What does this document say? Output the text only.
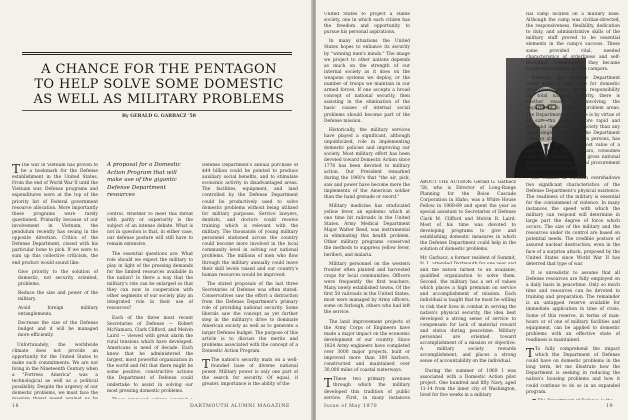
A CHANCE FOR THE PENTAGON
TO HELP SOLVE SOME DOMESTIC
AS WELL AS MILITARY PROBLEMS
By GERALD G. GARBACZ '58

T The war in Vietnam has proven to be a bookmark for the Defense establishment in the United States. From the end of World War II until the Vietnam war, Defense programs and expenditures were at the top of the priority list of Federal government resource allocation. More importantly these programs were rarely questioned. Primarily because of our involvement in Vietnam, the pendulum recently has swung in the opposite direction. Critics of the Defense Department, closed with his particular bone to pick. If we were to sum up this collective criticism, the end product would sound like:

Give priority to the solution of domestic, not security oriented, problems.

Reduce the size and power of the military.

Avoid foreign military entanglements.

Decrease the size of the Defense budget and it will be managed more efficiently.

Unfortunately, the worldwide climate does not provide an opportunity for the United States to make such commitments. We are not living in the Nineteenth Century when a "Fortress America" was a technological as well as a political possibility. Despite the urgency of our domestic problems, we must face the

A proposal for a Domestic Action Program that will make use of the gigantic Defense Department resources

control. Whether to meet this threat with parity or superiority is the subject of an intense debate. What is not in question is that, in either case, our defense posture will still have to remain extensive.

The essential questions are: What role should we expect the military to play in light of the pressing demands for the limited resources available in the nation? Is there a way that the military's role can be enlarged so that they can now in cooperation with other segments of our society play an integrated role in their use of resources?

Each of the three most recent Secretaries of Defense — Robert McNamara, Clark Clifford, and Melvin Laird — viewed with great alarm the rural tensions which have developed. Americans is need of decade. Each knew that he administered the largest, most powerful organization in the world and felt that there might be some positive, constructive actions the Department of Defense could undertake to assist in solving our most pressing domestic problems.

Defense Department's annual purchase of $44 billion could be pointed to produce auxiliary social benefits, and to stimulate economic activity in disadvantaged areas. The facilities, equipment, and land controlled by the Defense Department could be productively used to solve domestic problems without being utilized for military purposes. Service lawyers, dentists, and doctors could receive training which is relevant with the military. The thousands of young military personnel stationed across the country could become more involved in the local community level in solving our national problems. The millions of men who flow through the military annually could leave their skill levels raised and our country's human resources would be improved.

The stated proposals of the last three Secretaries of Defense was often stated. Conservatives saw the effort a distraction from the Defense Department's primary role of providing national security. Some liberals saw the concept as yet further step in the military's drive to dominate American society as well as to generate a larger Defense budget. The purpose of this article is to discuss the merits and problems associated with the concept of a Domestic Action Program.

T The nation's security mats on a well-founded base of diverse national power. Military power is only one part of the search for security. Of equal, if greater, importance is the ability of the

18	DARTMOUTH ALUMNI MAGAZINE

United States to project a stable society, one in which each citizen has the freedom and opportunity to pursue his personal aspirations.

In many situations the United States hopes to enhance its security by "winning men's minds." The image we project to other nations depends as much on the strength of our internal society as it does on the weapons systems we deploy, or the number of troops we maintain in our armed forces. If one accepts a broad concept of national security, then assisting in the elimination of the basic causes of internal social problems should become part of the Defense mission.

Historically, the military services have played a significant, although unpublicized, role in implementing domestic policies and improving our society. Most military effort has been devoted toward Domestic Action since 1776 has been devoted to military action. Our President remarked during the 1960's that "the air, pick, saw and power have become more the implements of the American soldier than the hand grenade or sword."

Military medicine has eradicated yellow fever, an epidemic which at one time hit railroads in the United States. Army Medical Department Major Walter Reed, was instrumental in eliminating this health problem. Other military programs conserved the methods to suppress yellow fever, beriberi, and malaria.

Military personnel on the western frontier often planted and harvested crops for local communities. Officers were frequently the first teachers. Many newly established towns. Of the first 50 railroads in the United States, most were managed by Army officers, some on furlough, others who had left the service.

The land improvement projects of the Army Corps of Engineers have made a major impact on the economic development of our country. Since 1824 Army engineers have completed over 3000 major projects, built or improved more than 300 harbors, constructed and maintained over 30,000 miles of coastal waterways.

T These two primary avenues through which the military developed this tradition of public service. First, in many instances

ABOUT THE AUTHOR: Gerald G. Garbacz '58, who is Director of Long-Range Planning for the Boise Cascade Corporation in Idaho, was a White House Fellow in 1968-69 and spent the year as special assistant to Secretaries of Defense Clark M. Clifford and Melvin R. Laird. Most of his time was devoted to developing programs to give and establishing domestic measures in which the Defense Department could help in the solution of domestic problems.

Mr. Garbacz, a former resident of Summit,

and the nation turned to an available, qualified organization to solve them. Second, the military has a set of values which places a high premium on service and accomplishment of mission. Each individual is taught that he must be willing to risk their lives in combat in serving the nation's physical security, the idea best developed a strong sense of service to compensate for lack of material reward and status during peacetime. Military personnel are oriented toward accomplishment of a mission or objective. A military society rewards accomplishment, and places a strong sense of accountability on the individual.

During the summer of 1969 I was associated with a Domestic Action pilot project. One hundred and fifty Navy, aged 11-14 from the inner city of Washington, lived for five weeks in a military

tial camp located on a military base. Although the camp was civilian-directed, the responsiveness, flexibility, dedication to duty, and administrative skills of the military staff proved to be essential elements in the camp's success. These same provided vital, needed characteristics of orderliness and self-discipline; consequently, they became respected examples for the campers.

Although the Defense Department could make a valid case for domestic involvement solely on its responsibility for total national security, there is another reason for involving the Department in domestic problem areas. The Department of Defense is by virtue of its size can make a more rapid and profound impact on our society than any other single institution. The Department employs almost five million persons, has assets with an original cost value of a quarter of a trillion dollars, consumes over eight percent of the gross national product, and has an annual procurement budget of over $40 billion.

The conflict in Vietnam overshadows two significant characteristics of the Defense Department's physical existence. The readiness of the military is essential for the containment of violence. In many instances the speed with which the military can respond will determine in large part the degree of force which occurs. The size of the military and the resources under its control are based on potential needs. The credible posture of assured nuclear destruction, even in the face of a surprise attack, proposed by the United States since World War II has deterred that type of war.

It is unrealistic to assume that all Defense resources are fully employed on a daily basis in peacetime. Only so much time and resources can be devoted to training and preparation. The remainder is an untapped reserve available for immediate application in time of crisis. Some of this reserve, in terms of man-hours or of one of military facilities and equipment, can be applied to domestic problems with an effective state of readiness is maintained.

T To fully comprehend the impact which the Department of Defense could have on domestic problems in the long term, let me illustrate how the Department is seeking in reducing the nation's housing problems and how it could continue to do so in an expanded program.

Issue of May 1970	19
